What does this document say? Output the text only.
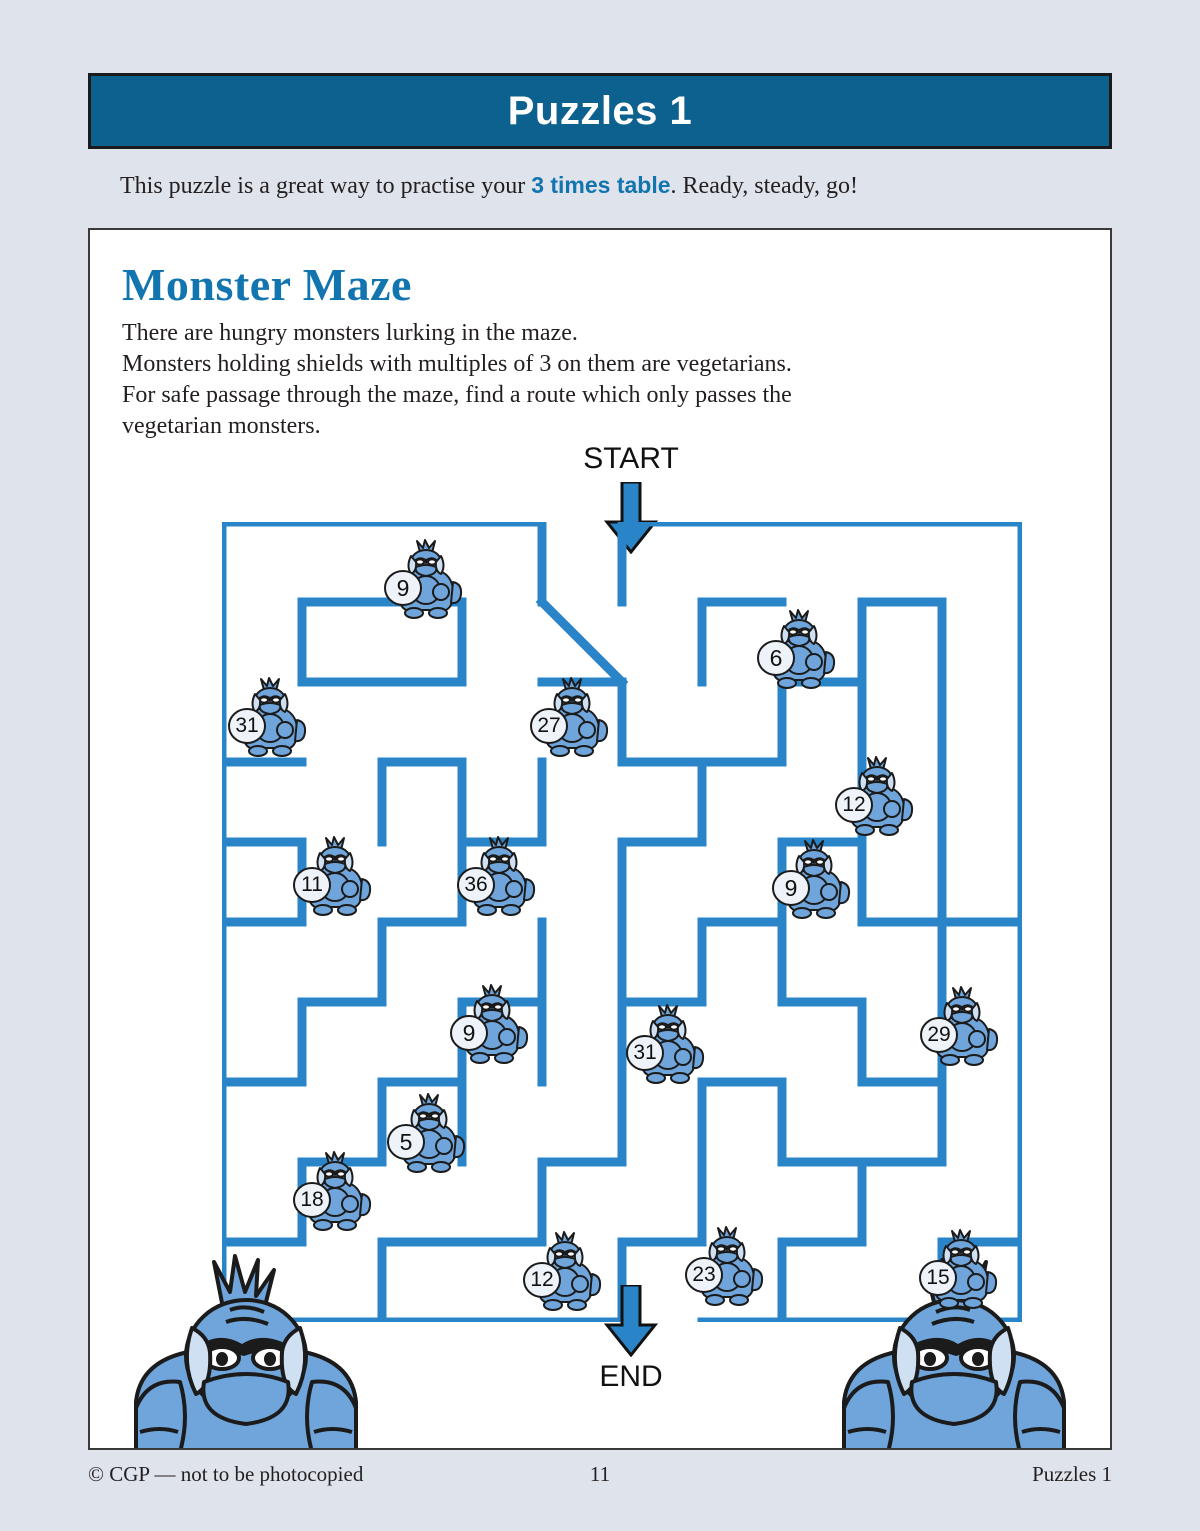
Puzzles 1
This puzzle is a great way to practise your 3 times table. Ready, steady, go!
Monster Maze
There are hungry monsters lurking in the maze.
Monsters holding shields with multiples of 3 on them are vegetarians.
For safe passage through the maze, find a route which only passes the
vegetarian monsters.
START
END
9
6
31	27
12
11	36	9
9
31
29
5
18
12	23	15
© CGP — not to be photocopied	11	Puzzles 1
